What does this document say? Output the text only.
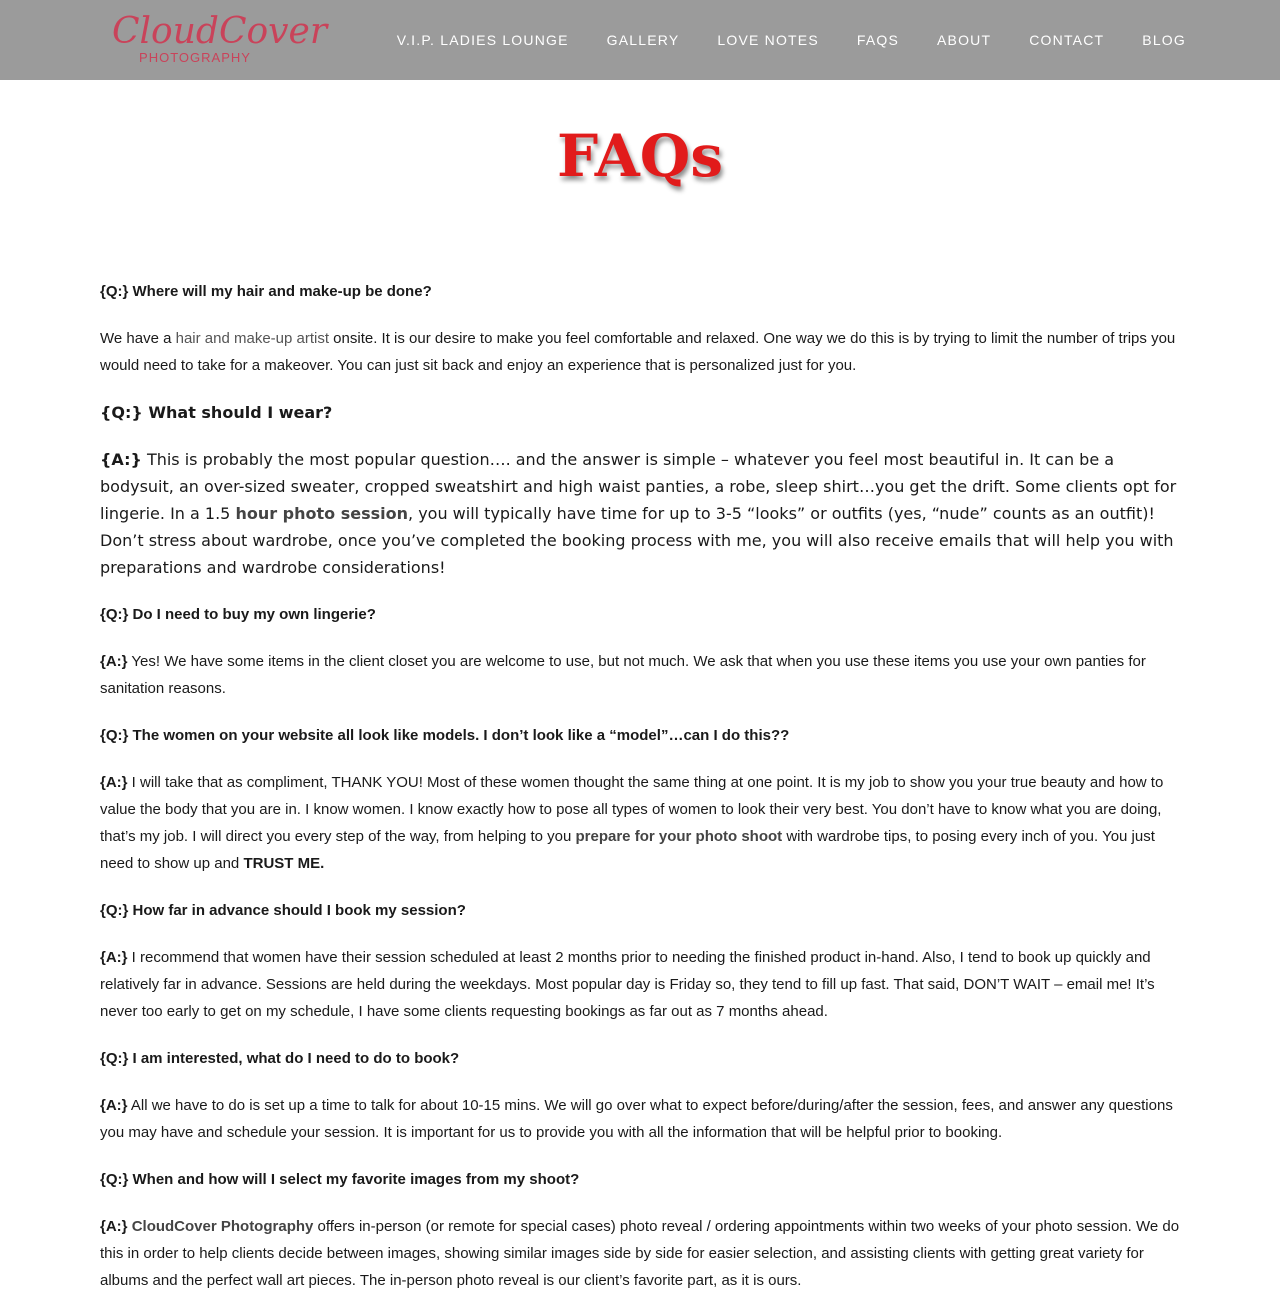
CloudCover
PHOTOGRAPHY
V.I.P. LADIES LOUNGE	GALLERY	LOVE NOTES	FAQS	ABOUT	CONTACT	BLOG
FAQs

{Q:} Where will my hair and make-up be done?

We have a hair and make-up artist onsite. It is our desire to make you feel comfortable and relaxed. One way we do this is by trying to limit the number of trips you would need to take for a makeover. You can just sit back and enjoy an experience that is personalized just for you.

{Q:} What should I wear?

{A:} This is probably the most popular question…. and the answer is simple – whatever you feel most beautiful in. It can be a bodysuit, an over-sized sweater, cropped sweatshirt and high waist panties, a robe, sleep shirt…you get the drift. Some clients opt for lingerie. In a 1.5 hour photo session, you will typically have time for up to 3-5 “looks” or outfits (yes, “nude” counts as an outfit)! Don’t stress about wardrobe, once you’ve completed the booking process with me, you will also receive emails that will help you with preparations and wardrobe considerations!

{Q:} Do I need to buy my own lingerie?

{A:} Yes! We have some items in the client closet you are welcome to use, but not much. We ask that when you use these items you use your own panties for sanitation reasons.

{Q:} The women on your website all look like models. I don’t look like a “model”…can I do this??

{A:} I will take that as compliment, THANK YOU! Most of these women thought the same thing at one point. It is my job to show you your true beauty and how to value the body that you are in. I know women. I know exactly how to pose all types of women to look their very best. You don’t have to know what you are doing, that’s my job. I will direct you every step of the way, from helping to you prepare for your photo shoot with wardrobe tips, to posing every inch of you. You just need to show up and TRUST ME.

{Q:} How far in advance should I book my session?

{A:} I recommend that women have their session scheduled at least 2 months prior to needing the finished product in-hand. Also, I tend to book up quickly and relatively far in advance. Sessions are held during the weekdays. Most popular day is Friday so, they tend to fill up fast. That said, DON’T WAIT – email me! It’s never too early to get on my schedule, I have some clients requesting bookings as far out as 7 months ahead.

{Q:} I am interested, what do I need to do to book?

{A:} All we have to do is set up a time to talk for about 10-15 mins. We will go over what to expect before/during/after the session, fees, and answer any questions you may have and schedule your session. It is important for us to provide you with all the information that will be helpful prior to booking.

{Q:} When and how will I select my favorite images from my shoot?

{A:} CloudCover Photography offers in-person (or remote for special cases) photo reveal / ordering appointments within two weeks of your photo session. We do this in order to help clients decide between images, showing similar images side by side for easier selection, and assisting clients with getting great variety for albums and the perfect wall art pieces. The in-person photo reveal is our client’s favorite part, as it is ours.
